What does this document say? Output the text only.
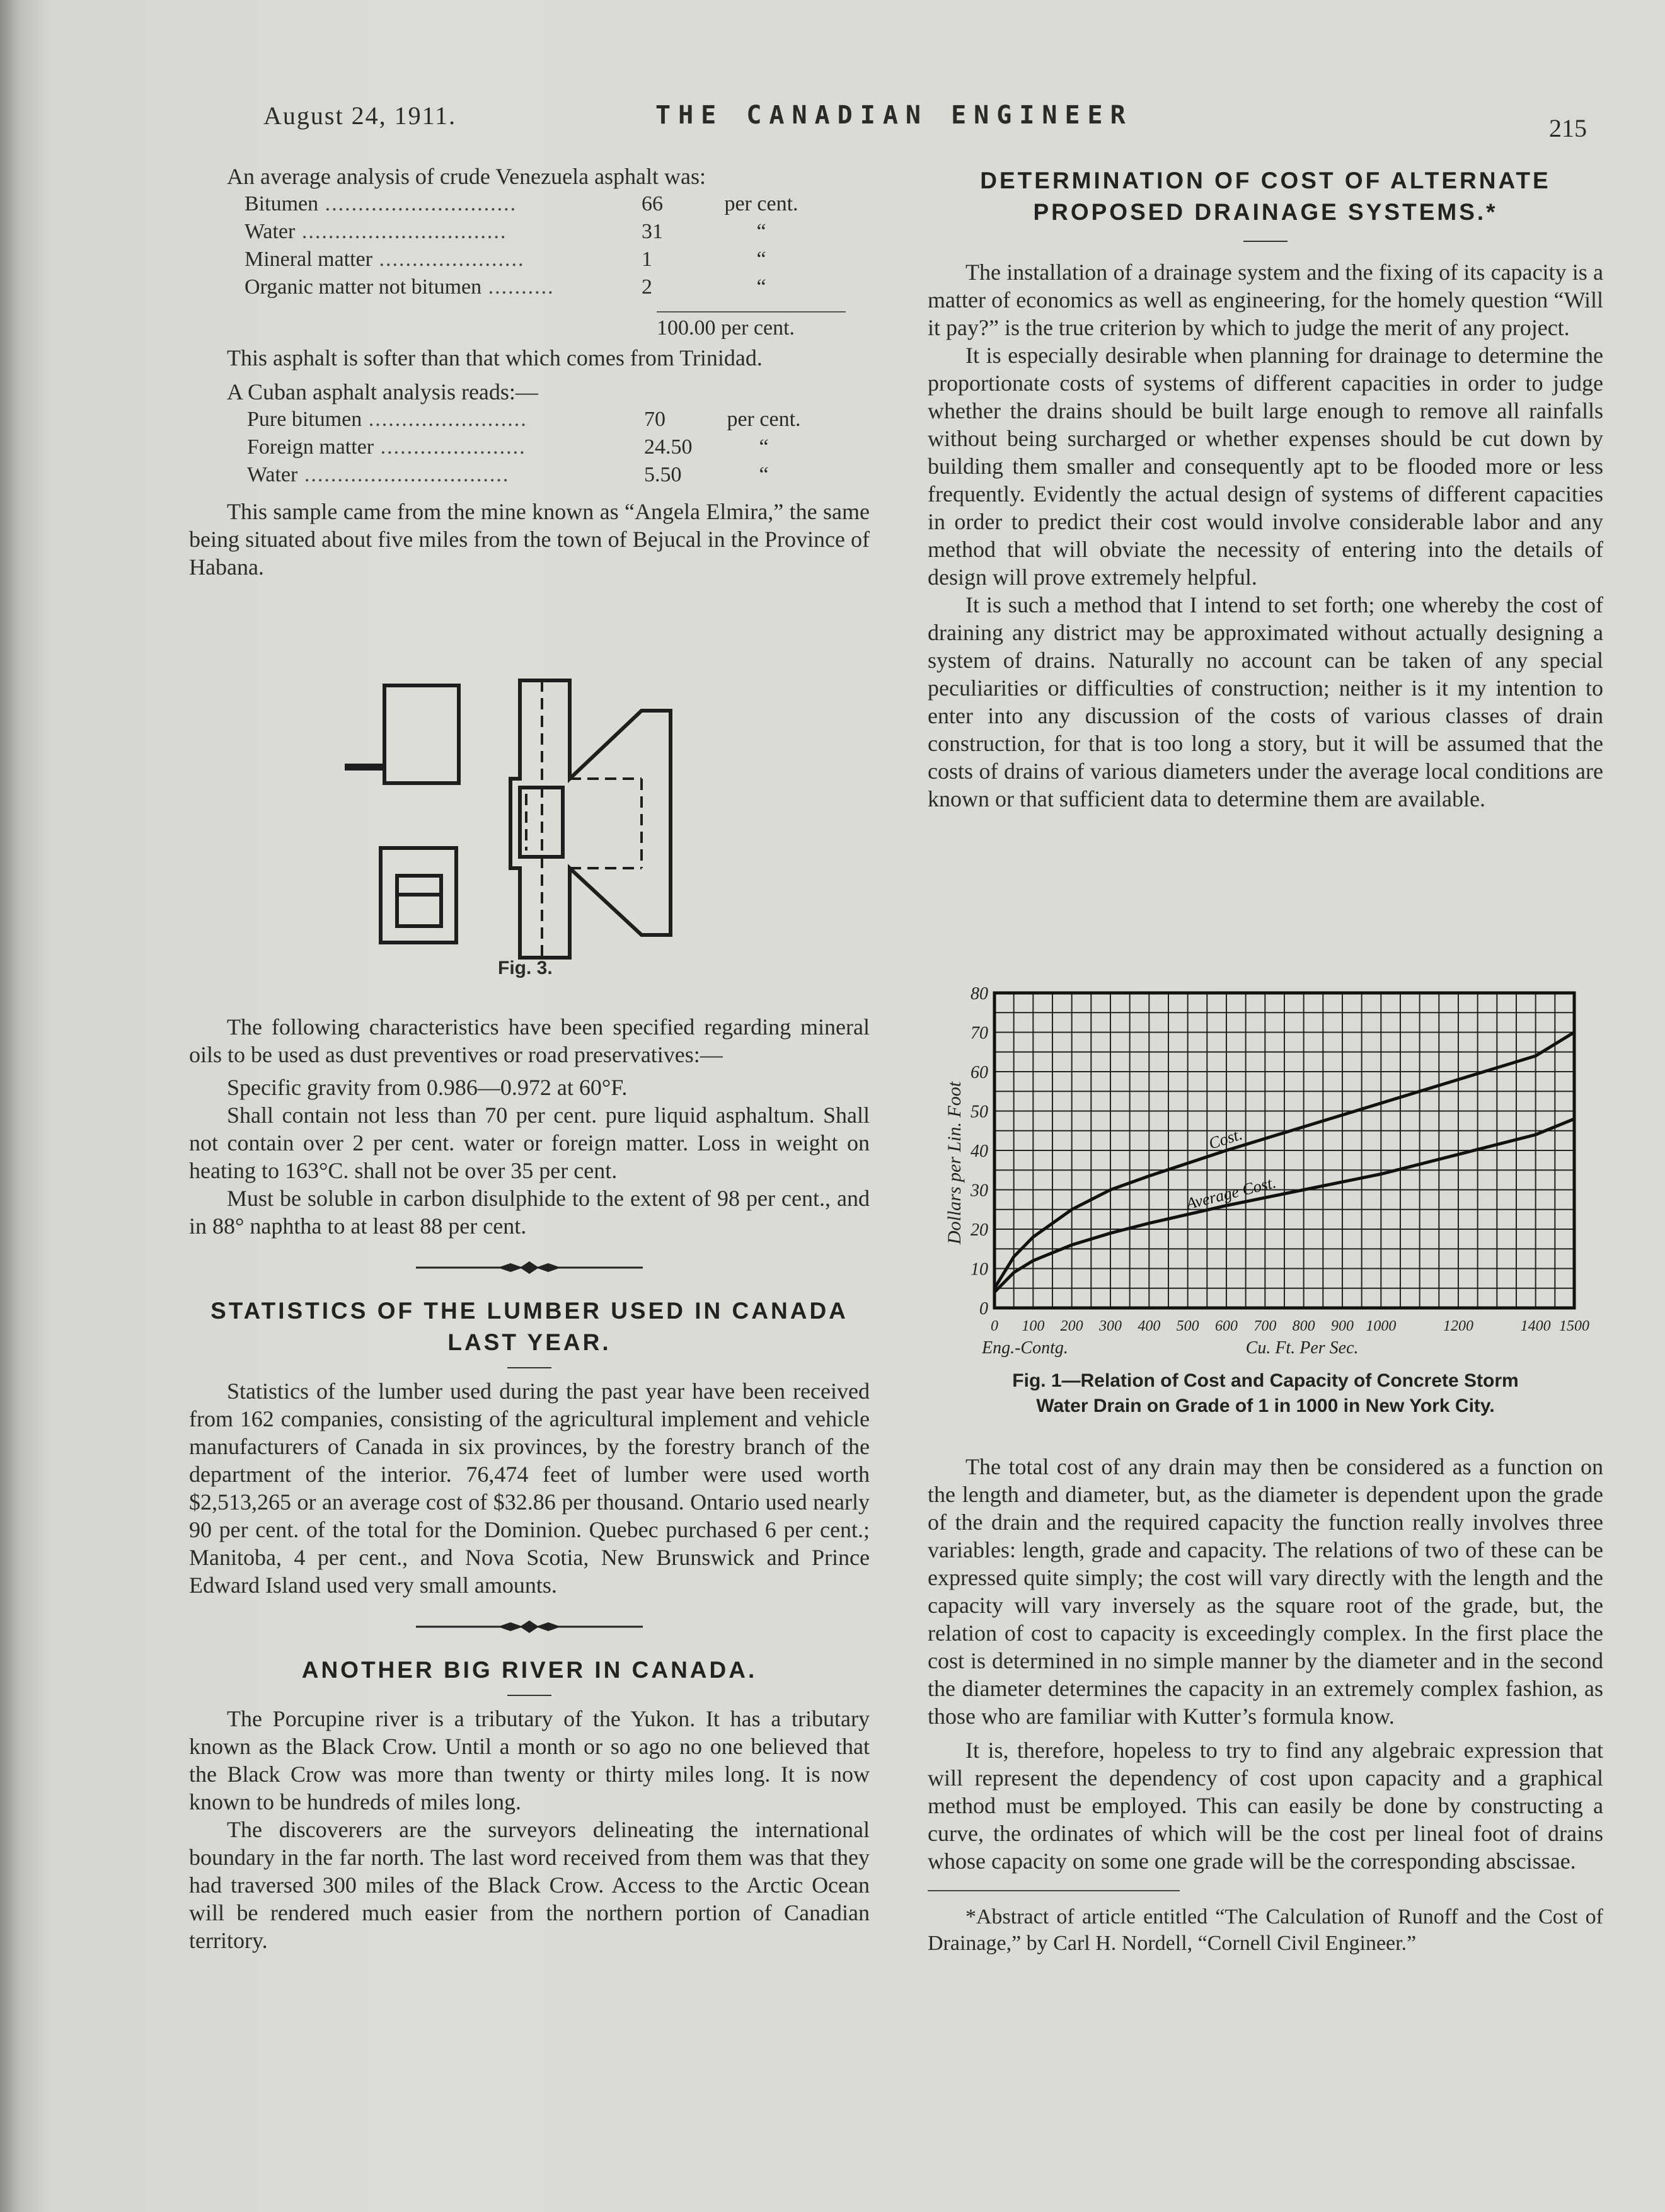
August 24, 1911.	THE CANADIAN ENGINEER	215

An average analysis of crude Venezuela asphalt was:

Bitumen .............................	66	per cent.
Water ...............................	31	“
Mineral matter ......................	1	“
Organic matter not bitumen ..........	2	“
100.00 per cent.

This asphalt is softer than that which comes from Trinidad.

A Cuban asphalt analysis reads:—

Pure bitumen ........................	70	per cent.
Foreign matter ......................	24.50	“
Water ...............................	5.50	“

This sample came from the mine known as “Angela Elmira,” the same being situated about five miles from the town of Bejucal in the Province of Habana.

Fig. 3.

The following characteristics have been specified regarding mineral oils to be used as dust preventives or road preservatives:—

Specific gravity from 0.986—0.972 at 60°F.

Shall contain not less than 70 per cent. pure liquid asphaltum. Shall not contain over 2 per cent. water or foreign matter. Loss in weight on heating to 163°C. shall not be over 35 per cent.

Must be soluble in carbon disulphide to the extent of 98 per cent., and in 88° naphtha to at least 88 per cent.

STATISTICS OF THE LUMBER USED IN CANADA LAST YEAR.

Statistics of the lumber used during the past year have been received from 162 companies, consisting of the agricultural implement and vehicle manufacturers of Canada in six provinces, by the forestry branch of the department of the interior. 76,474 feet of lumber were used worth $2,513,265 or an average cost of $32.86 per thousand. Ontario used nearly 90 per cent. of the total for the Dominion. Quebec purchased 6 per cent.; Manitoba, 4 per cent., and Nova Scotia, New Brunswick and Prince Edward Island used very small amounts.

ANOTHER BIG RIVER IN CANADA.

The Porcupine river is a tributary of the Yukon. It has a tributary known as the Black Crow. Until a month or so ago no one believed that the Black Crow was more than twenty or thirty miles long. It is now known to be hundreds of miles long.

The discoverers are the surveyors delineating the international boundary in the far north. The last word received from them was that they had traversed 300 miles of the Black Crow. Access to the Arctic Ocean will be rendered much easier from the northern portion of Canadian territory.

DETERMINATION OF COST OF ALTERNATE PROPOSED DRAINAGE SYSTEMS.*

The installation of a drainage system and the fixing of its capacity is a matter of economics as well as engineering, for the homely question “Will it pay?” is the true criterion by which to judge the merit of any project.

It is especially desirable when planning for drainage to determine the proportionate costs of systems of different capacities in order to judge whether the drains should be built large enough to remove all rainfalls without being surcharged or whether expenses should be cut down by building them smaller and consequently apt to be flooded more or less frequently. Evidently the actual design of systems of different capacities in order to predict their cost would involve considerable labor and any method that will obviate the necessity of entering into the details of design will prove extremely helpful.

It is such a method that I intend to set forth; one whereby the cost of draining any district may be approximated without actually designing a system of drains. Naturally no account can be taken of any special peculiarities or difficulties of construction; neither is it my intention to enter into any discussion of the costs of various classes of drain construction, for that is too long a story, but it will be assumed that the costs of drains of various diameters under the average local conditions are known or that sufficient data to determine them are available.

0
10
20
30
40
50
60
70
80
0 100 200 300 400 500 600 700 800 900 1000	1200	1400 1500
Dollars per Lin. Foot
Eng.-Contg.	Cu. Ft. Per Sec.
Cost.
Average Cost.
Fig. 1—Relation of Cost and Capacity of Concrete Storm
Water Drain on Grade of 1 in 1000 in New York City.

The total cost of any drain may then be considered as a function on the length and diameter, but, as the diameter is dependent upon the grade of the drain and the required capacity the function really involves three variables: length, grade and capacity. The relations of two of these can be expressed quite simply; the cost will vary directly with the length and the capacity will vary inversely as the square root of the grade, but, the relation of cost to capacity is exceedingly complex. In the first place the cost is determined in no simple manner by the diameter and in the second the diameter determines the capacity in an extremely complex fashion, as those who are familiar with Kutter’s formula know.

It is, therefore, hopeless to try to find any algebraic expression that will represent the dependency of cost upon capacity and a graphical method must be employed. This can easily be done by constructing a curve, the ordinates of which will be the cost per lineal foot of drains whose capacity on some one grade will be the corresponding abscissae.

*Abstract of article entitled “The Calculation of Runoff and the Cost of Drainage,” by Carl H. Nordell, “Cornell Civil Engineer.”
